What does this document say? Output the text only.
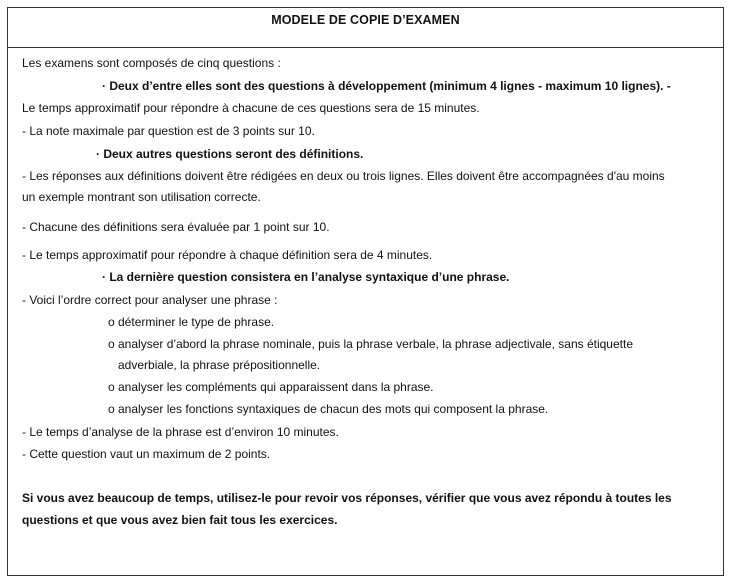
MODELE DE COPIE D’EXAMEN
Les examens sont composés de cinq questions :
· Deux d’entre elles sont des questions à développement (minimum 4 lignes - maximum 10 lignes). -
Le temps approximatif pour répondre à chacune de ces questions sera de 15 minutes.
- La note maximale par question est de 3 points sur 10.
· Deux autres questions seront des définitions.
- Les réponses aux définitions doivent être rédigées en deux ou trois lignes. Elles doivent être accompagnées d'au moins
un exemple montrant son utilisation correcte.
- Chacune des définitions sera évaluée par 1 point sur 10.
- Le temps approximatif pour répondre à chaque définition sera de 4 minutes.
· La dernière question consistera en l’analyse syntaxique d’une phrase.
- Voici l’ordre correct pour analyser une phrase :
o déterminer le type de phrase.
o analyser d’abord la phrase nominale, puis la phrase verbale, la phrase adjectivale, sans étiquette
adverbiale, la phrase prépositionnelle.
o analyser les compléments qui apparaissent dans la phrase.
o analyser les fonctions syntaxiques de chacun des mots qui composent la phrase.
- Le temps d’analyse de la phrase est d’environ 10 minutes.
- Cette question vaut un maximum de 2 points.
Si vous avez beaucoup de temps, utilisez-le pour revoir vos réponses, vérifier que vous avez répondu à toutes les
questions et que vous avez bien fait tous les exercices.
